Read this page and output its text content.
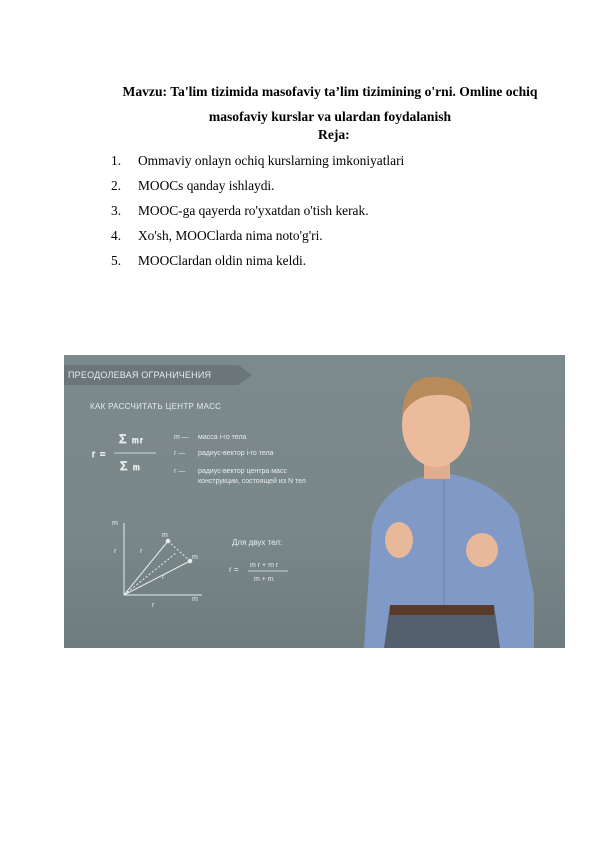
Mavzu: Ta'lim tizimida masofaviy ta’lim tizimining o'rni. Omline ochiq masofaviy kurslar va ulardan foydalanish
Reja:
1.	Ommaviy onlayn ochiq kurslarning imkoniyatlari
2.	MOOCs qanday ishlaydi.
3.	MOOC-ga qayerda ro'yxatdan o'tish kerak.
4.	Xo'sh, MOOClarda nima noto'g'ri.
5.	MOOClardan oldin nima keldi.
ПРЕОДОЛЕВАЯ ОГРАНИЧЕНИЯ
КАК РАССЧИТАТЬ ЦЕНТР МАСС
r =
Σ m r
Σ m
m — масса i-го тела
r — радиус-вектор i-го тела
r — радиус-вектор центра масс
конструкции, состоящей из N тел
m
m
m
m
r	r
r
r
Для двух тел:
r = m r + m r
m + m
